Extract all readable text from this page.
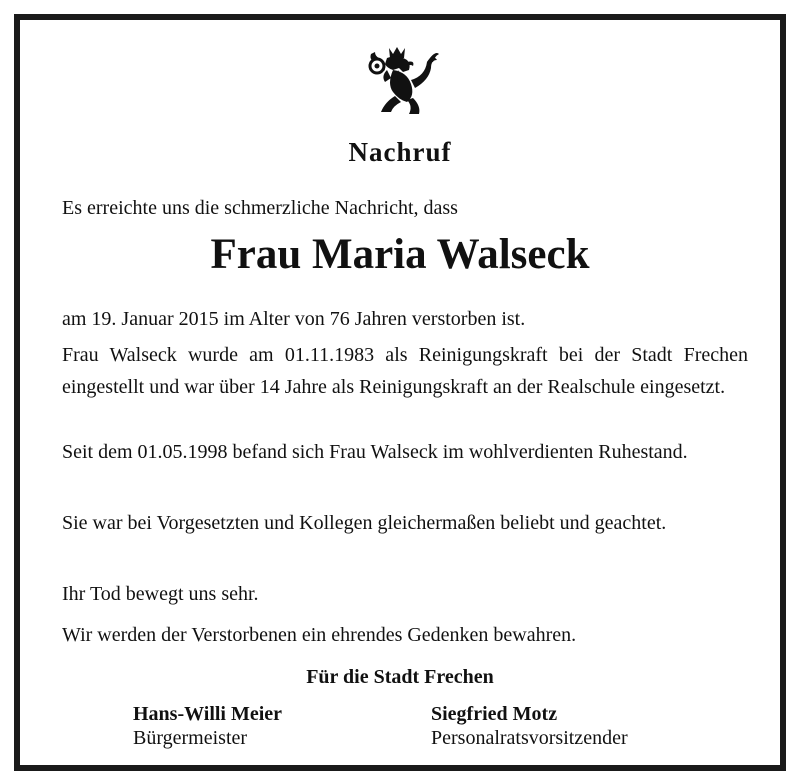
Nachruf
Es erreichte uns die schmerzliche Nachricht, dass
Frau Maria Walseck
am 19. Januar 2015 im Alter von 76 Jahren verstorben ist.
Frau Walseck wurde am 01.11.1983 als Reinigungskraft bei der Stadt Frechen eingestellt und war über 14 Jahre als Reinigungskraft an der Realschule eingesetzt.
Seit dem 01.05.1998 befand sich Frau Walseck im wohlverdienten Ruhestand.
Sie war bei Vorgesetzten und Kollegen gleichermaßen beliebt und geachtet.
Ihr Tod bewegt uns sehr.
Wir werden der Verstorbenen ein ehrendes Gedenken bewahren.
Für die Stadt Frechen
Hans-Willi Meier
Bürgermeister
Siegfried Motz
Personalratsvorsitzender
